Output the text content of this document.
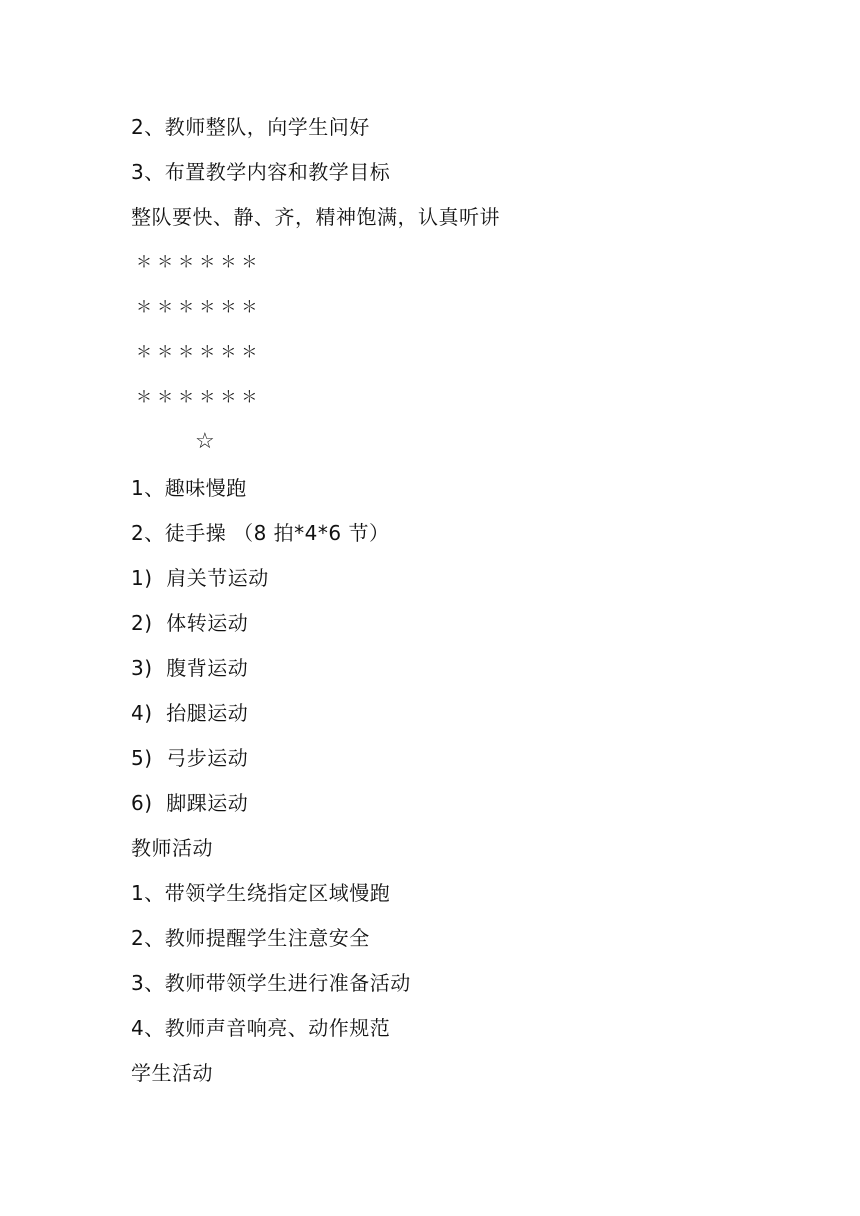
2、教师整队，向学生问好
3、布置教学内容和教学目标
整队要快、静、齐，精神饱满，认真听讲
＊ ＊ ＊ ＊ ＊ ＊
＊ ＊ ＊ ＊ ＊ ＊
＊ ＊ ＊ ＊ ＊ ＊
＊ ＊ ＊ ＊ ＊ ＊
☆
1、趣味慢跑
2、徒手操 （8 拍*4*6 节）
1)  肩关节运动
2)  体转运动
3)  腹背运动
4)  抬腿运动
5)  弓步运动
6)  脚踝运动
教师活动
1、带领学生绕指定区域慢跑
2、教师提醒学生注意安全
3、教师带领学生进行准备活动
4、教师声音响亮、动作规范
学生活动
